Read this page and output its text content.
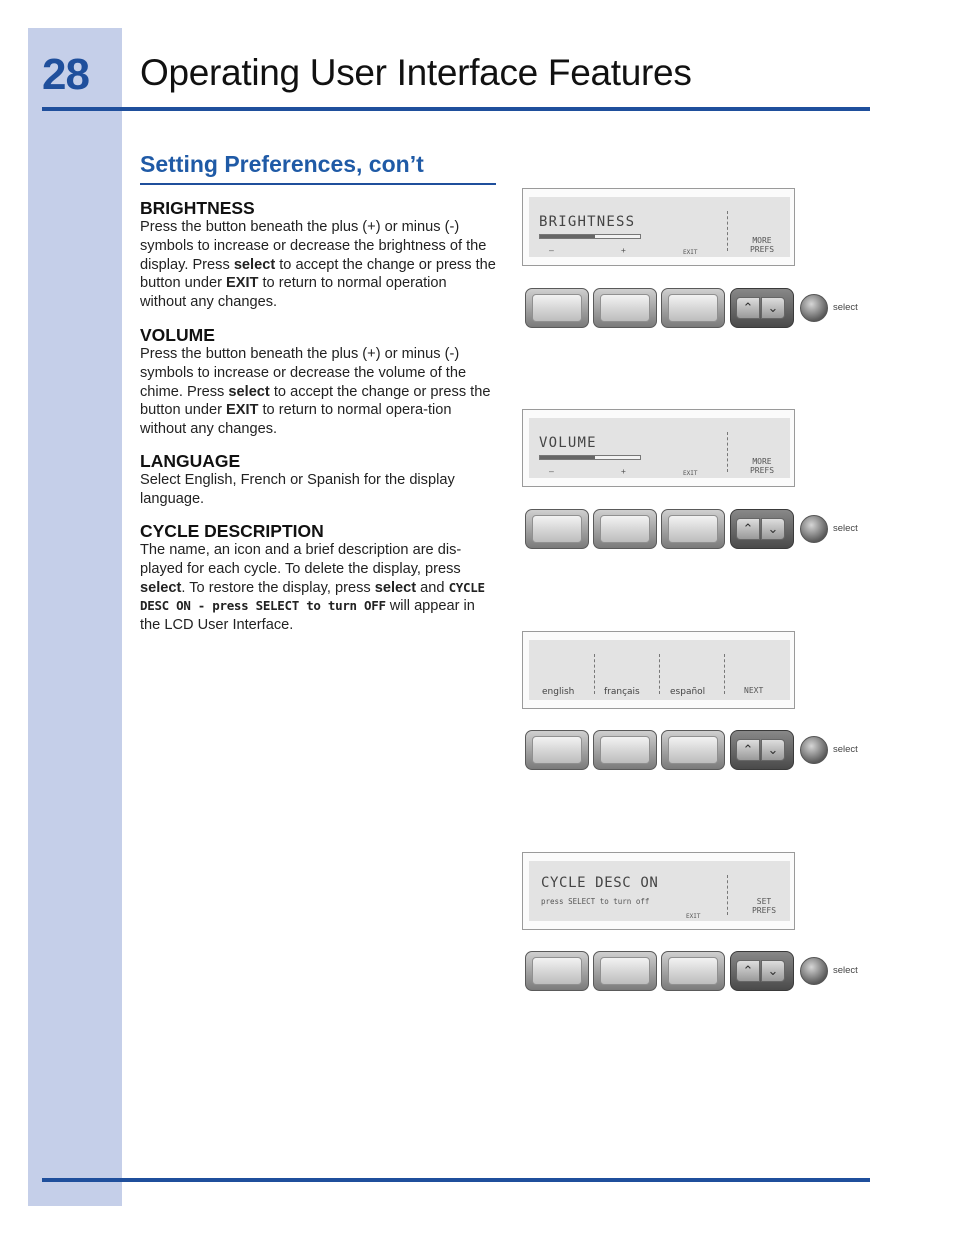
28 Operating User Interface Features
Setting Preferences, con’t
BRIGHTNESS

Press the button beneath the plus (+) or minus (-) symbols to increase or decrease the brightness of the display. Press select to accept the change or press the button under EXIT to return to normal operation without any changes.

VOLUME

Press the button beneath the plus (+) or minus (-) symbols to increase or decrease the volume of the chime. Press select to accept the change or press the button under EXIT to return to normal opera-tion without any changes.

LANGUAGE

Select English, French or Spanish for the display language.

CYCLE DESCRIPTION

The name, an icon and a brief description are dis-played for each cycle. To delete the display, press select. To restore the display, press select and CYCLE DESC ON - press SELECT to turn OFF will appear in the LCD User Interface.

BRIGHTNESS
–	+	EXIT
MORE
PREFS
⌃	⌄	select
VOLUME
–	+	EXIT
MORE
PREFS
⌃	⌄	select
english	français	español	NEXT
⌃	⌄	select
CYCLE DESC ON
press SELECT to turn off
EXIT
SET
PREFS
⌃	⌄	select
